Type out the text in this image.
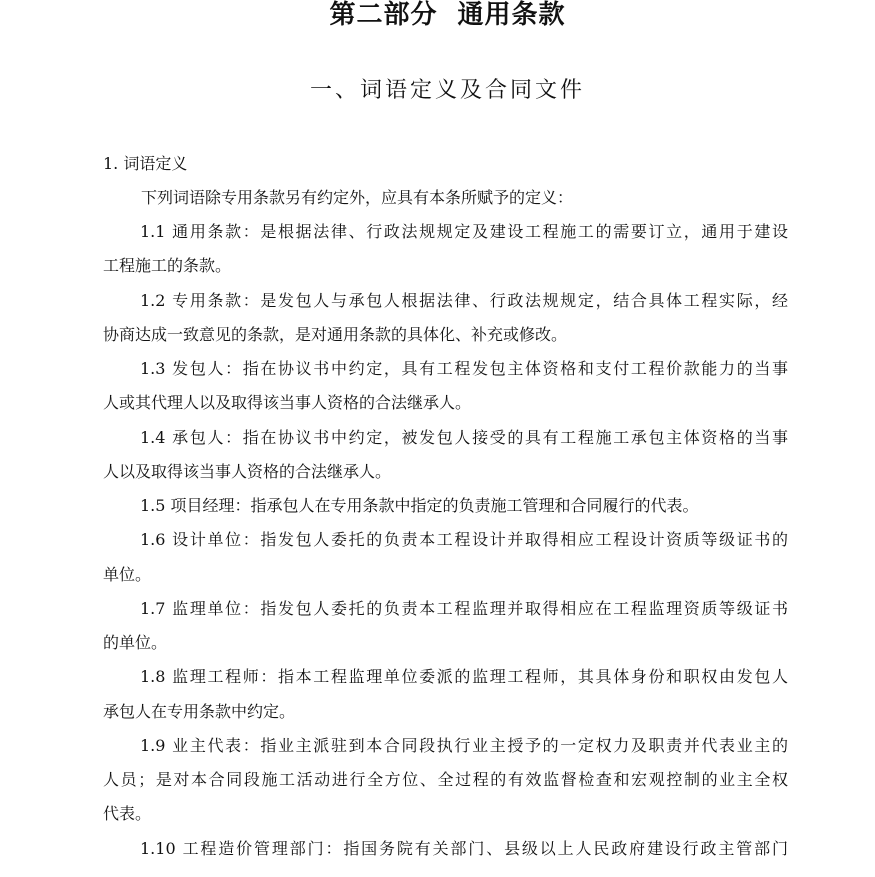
第二部分  通用条款
一、词语定义及合同文件
1. 词语定义
下列词语除专用条款另有约定外，应具有本条所赋予的定义：
1.1 通用条款：是根据法律、行政法规规定及建设工程施工的需要订立，通用于建设
工程施工的条款。
1.2 专用条款：是发包人与承包人根据法律、行政法规规定，结合具体工程实际，经
协商达成一致意见的条款，是对通用条款的具体化、补充或修改。
1.3 发包人：指在协议书中约定，具有工程发包主体资格和支付工程价款能力的当事
人或其代理人以及取得该当事人资格的合法继承人。
1.4 承包人：指在协议书中约定，被发包人接受的具有工程施工承包主体资格的当事
人以及取得该当事人资格的合法继承人。
1.5 项目经理：指承包人在专用条款中指定的负责施工管理和合同履行的代表。
1.6 设计单位：指发包人委托的负责本工程设计并取得相应工程设计资质等级证书的
单位。
1.7 监理单位：指发包人委托的负责本工程监理并取得相应在工程监理资质等级证书
的单位。
1.8 监理工程师：指本工程监理单位委派的监理工程师，其具体身份和职权由发包人
承包人在专用条款中约定。
1.9 业主代表：指业主派驻到本合同段执行业主授予的一定权力及职责并代表业主的
人员；是对本合同段施工活动进行全方位、全过程的有效监督检查和宏观控制的业主全权
代表。
1.10 工程造价管理部门：指国务院有关部门、县级以上人民政府建设行政主管部门
